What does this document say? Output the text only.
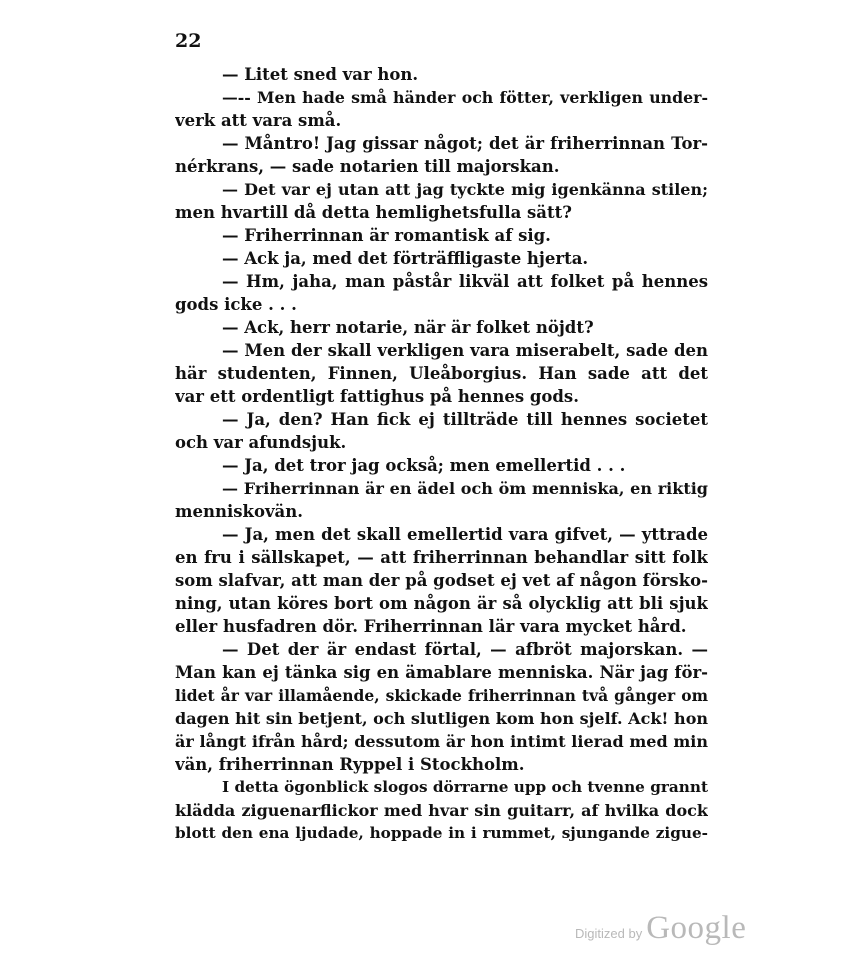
22
— Litet sned var hon.
—-- Men hade små händer och fötter, verkligen under-
verk att vara små.
— Måntro! Jag gissar något; det är friherrinnan Tor-
nérkrans, — sade notarien till majorskan.
— Det var ej utan att jag tyckte mig igenkänna stilen;
men hvartill då detta hemlighetsfulla sätt?
— Friherrinnan är romantisk af sig.
— Ack ja, med det förträffligaste hjerta.
— Hm, jaha, man påstår likväl att folket på hennes
gods icke . . .
— Ack, herr notarie, när är folket nöjdt?
— Men der skall verkligen vara miserabelt, sade den
här studenten, Finnen, Uleåborgius. Han sade att det
var ett ordentligt fattighus på hennes gods.
— Ja, den? Han fick ej tillträde till hennes societet
och var afundsjuk.
— Ja, det tror jag också; men emellertid . . .
— Friherrinnan är en ädel och öm menniska, en riktig
menniskovän.
— Ja, men det skall emellertid vara gifvet, — yttrade
en fru i sällskapet, — att friherrinnan behandlar sitt folk
som slafvar, att man der på godset ej vet af någon förskо-
ning, utan köres bort om någon är så olycklig att bli sjuk
eller husfadren dör. Friherrinnan lär vara mycket hård.
— Det der är endast förtal, — afbröt majorskan. —
Man kan ej tänka sig en ämablare menniska. När jag för-
lidet år var illamående, skickade friherrinnan två gånger om
dagen hit sin betjent, och slutligen kom hon sjelf. Ack! hon
är långt ifrån hård; dessutom är hon intimt lierad med min
vän, friherrinnan Ryppel i Stockholm.
I detta ögonblick slogos dörrarne upp och tvenne grannt
klädda ziguenarflickor med hvar sin guitarr, af hvilka dock
blott den ena ljudade, hoppade in i rummet, sjungande zigue-
Digitized by Google
